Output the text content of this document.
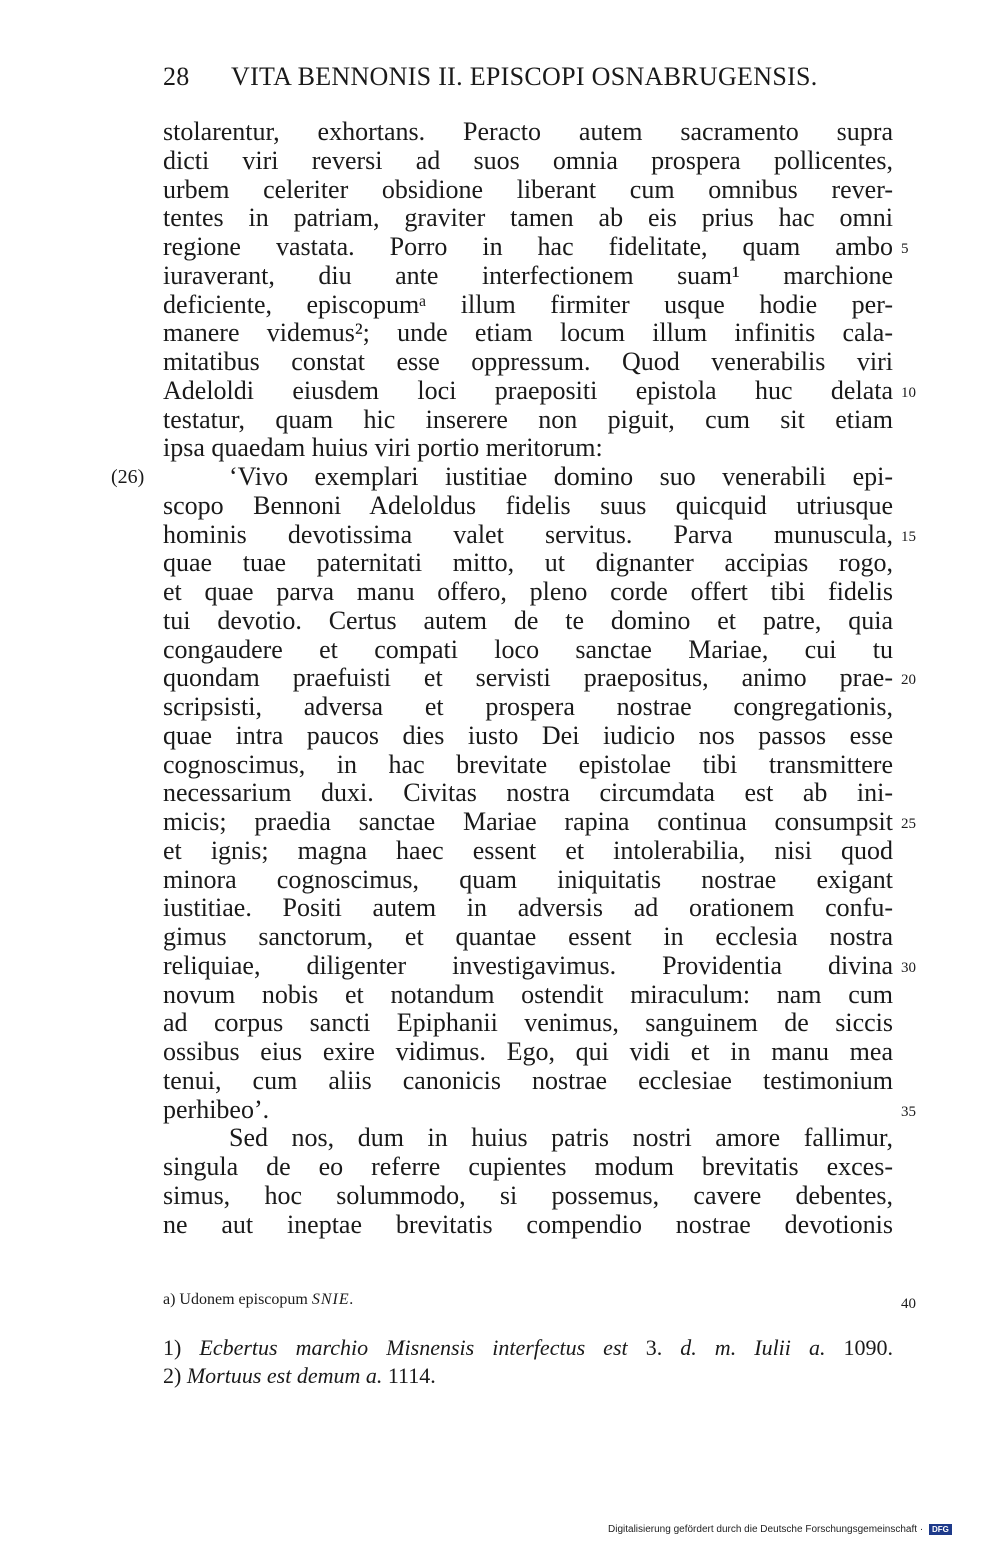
28 VITA BENNONIS II. EPISCOPI OSNABRUGENSIS.
stolarentur, exhortans. Peracto autem sacramento supra
dicti viri reversi ad suos omnia prospera pollicentes,
urbem celeriter obsidione liberant cum omnibus rever-
tentes in patriam, graviter tamen ab eis prius hac omni
regione vastata. Porro in hac fidelitate, quam ambo 5
iuraverant, diu ante interfectionem suam¹ marchione
deficiente, episcopumᵃ illum firmiter usque hodie per-
manere videmus²; unde etiam locum illum infinitis cala-
mitatibus constat esse oppressum. Quod venerabilis viri
Adeloldi eiusdem loci praepositi epistola huc delata 10
testatur, quam hic inserere non piguit, cum sit etiam
ipsa quaedam huius viri portio meritorum:
‘Vivo exemplari iustitiae domino suo venerabili epi-
(26)
scopo Bennoni Adeloldus fidelis suus quicquid utriusque
hominis devotissima valet servitus. Parva munuscula, 15
quae tuae paternitati mitto, ut dignanter accipias rogo,
et quae parva manu offero, pleno corde offert tibi fidelis
tui devotio. Certus autem de te domino et patre, quia
congaudere et compati loco sanctae Mariae, cui tu
quondam praefuisti et servisti praepositus, animo prae- 20
scripsisti, adversa et prospera nostrae congregationis,
quae intra paucos dies iusto Dei iudicio nos passos esse
cognoscimus, in hac brevitate epistolae tibi transmittere
necessarium duxi. Civitas nostra circumdata est ab ini-
micis; praedia sanctae Mariae rapina continua consumpsit 25
et ignis; magna haec essent et intolerabilia, nisi quod
minora cognoscimus, quam iniquitatis nostrae exigant
iustitiae. Positi autem in adversis ad orationem confu-
gimus sanctorum, et quantae essent in ecclesia nostra
reliquiae, diligenter investigavimus. Providentia divina 30
novum nobis et notandum ostendit miraculum: nam cum
ad corpus sancti Epiphanii venimus, sanguinem de siccis
ossibus eius exire vidimus. Ego, qui vidi et in manu mea
tenui, cum aliis canonicis nostrae ecclesiae testimonium
perhibeo’.	35
Sed nos, dum in huius patris nostri amore fallimur,
singula de eo referre cupientes modum brevitatis exces-
simus, hoc solummodo, si possemus, cavere debentes,
ne aut ineptae brevitatis compendio nostrae devotionis
a) Udonem episcopum SNIE.	40
1) Ecbertus marchio Misnensis interfectus est 3. d. m. Iulii a. 1090.
2) Mortuus est demum a. 1114.
Digitalisierung gefördert durch die Deutsche Forschungsgemeinschaft · DFG
